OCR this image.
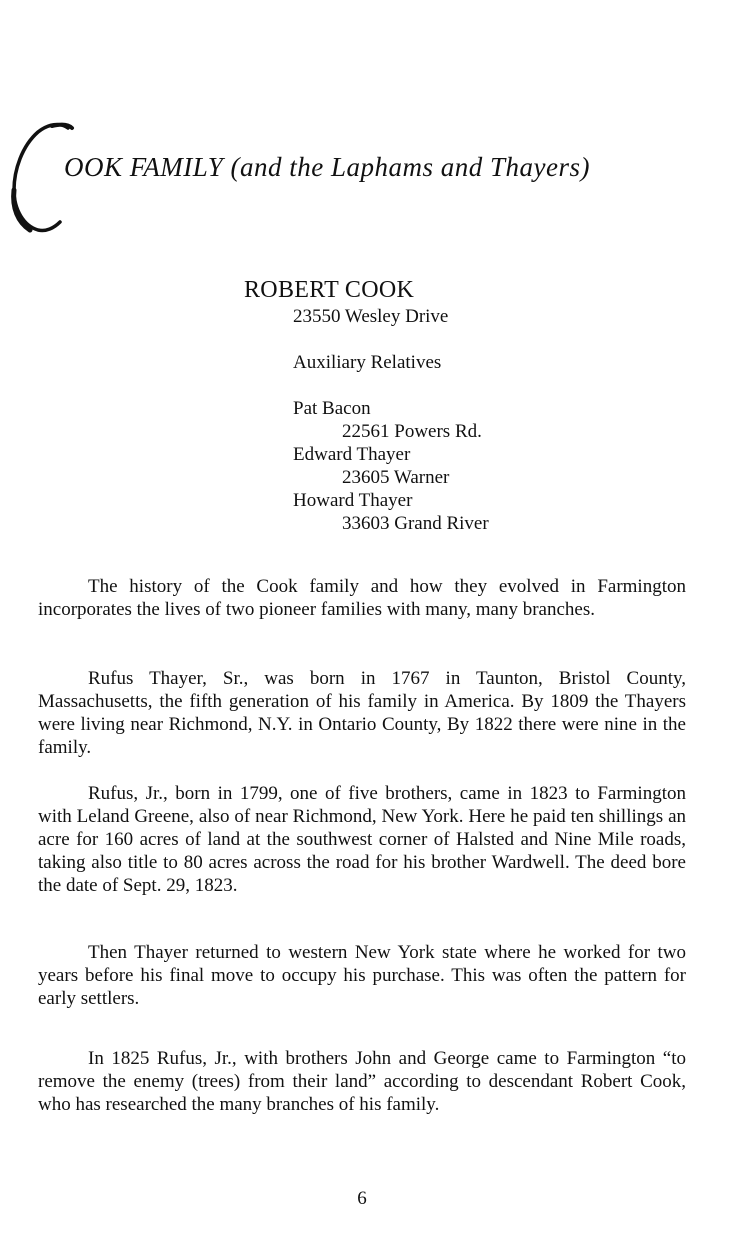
OOK FAMILY (and the Laphams and Thayers)
ROBERT COOK
23550 Wesley Drive
Auxiliary Relatives
Pat Bacon
22561 Powers Rd.
Edward Thayer
23605 Warner
Howard Thayer
33603 Grand River

The history of the Cook family and how they evolved in Farmington incorporates the lives of two pioneer families with many, many branches.

Rufus Thayer, Sr., was born in 1767 in Taunton, Bristol County, Massachusetts, the fifth generation of his family in America. By 1809 the Thayers were living near Richmond, N.Y. in Ontario County, By 1822 there were nine in the family.

Rufus, Jr., born in 1799, one of five brothers, came in 1823 to Farmington with Leland Greene, also of near Richmond, New York. Here he paid ten shillings an acre for 160 acres of land at the southwest corner of Halsted and Nine Mile roads, taking also title to 80 acres across the road for his brother Wardwell. The deed bore the date of Sept. 29, 1823.

Then Thayer returned to western New York state where he worked for two years before his final move to occupy his purchase. This was often the pattern for early settlers.

In 1825 Rufus, Jr., with brothers John and George came to Farmington “to remove the enemy (trees) from their land” according to descendant Robert Cook, who has researched the many branches of his family.

6
